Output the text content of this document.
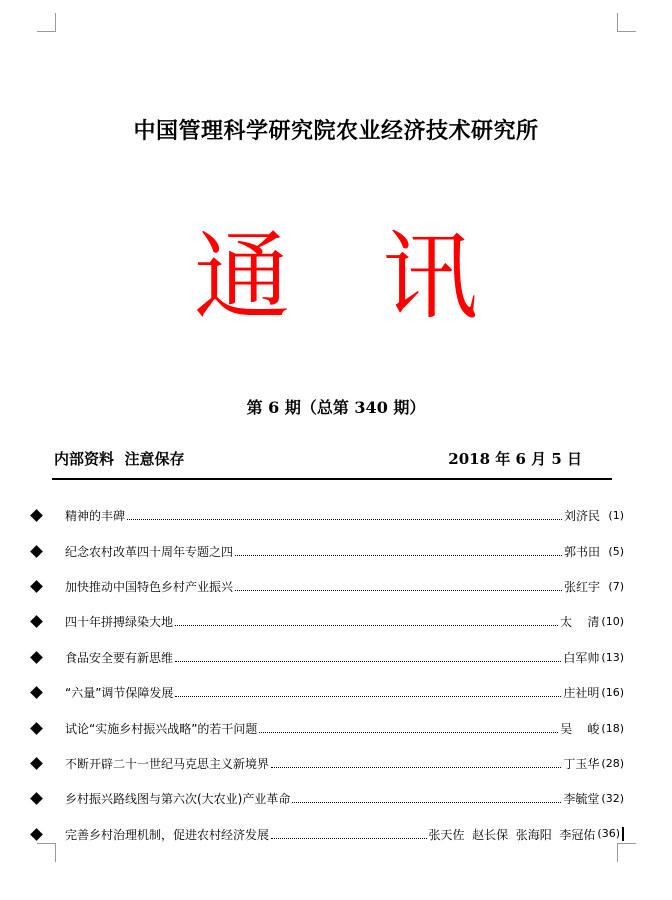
中国管理科学研究院农业经济技术研究所
通 讯
第 6 期（总第 340 期）
内部资料  注意保存	2018 年 6 月 5 日
精神的丰碑	刘济民 (1)
纪念农村改革四十周年专题之四	郭书田 (5)
加快推动中国特色乡村产业振兴	张红宇 (7)
四十年拼搏绿染大地	太    清 (10)
食品安全要有新思维	白军帅 (13)
“六量”调节保障发展	庄社明 (16)
试论“实施乡村振兴战略”的若干问题	吴    峻 (18)
不断开辟二十一世纪马克思主义新境界	丁玉华 (28)
乡村振兴路线图与第六次(大农业)产业革命	李毓堂 (32)
完善乡村治理机制，促进农村经济发展	张天佐  赵长保  张海阳  李冠佑 (36)
